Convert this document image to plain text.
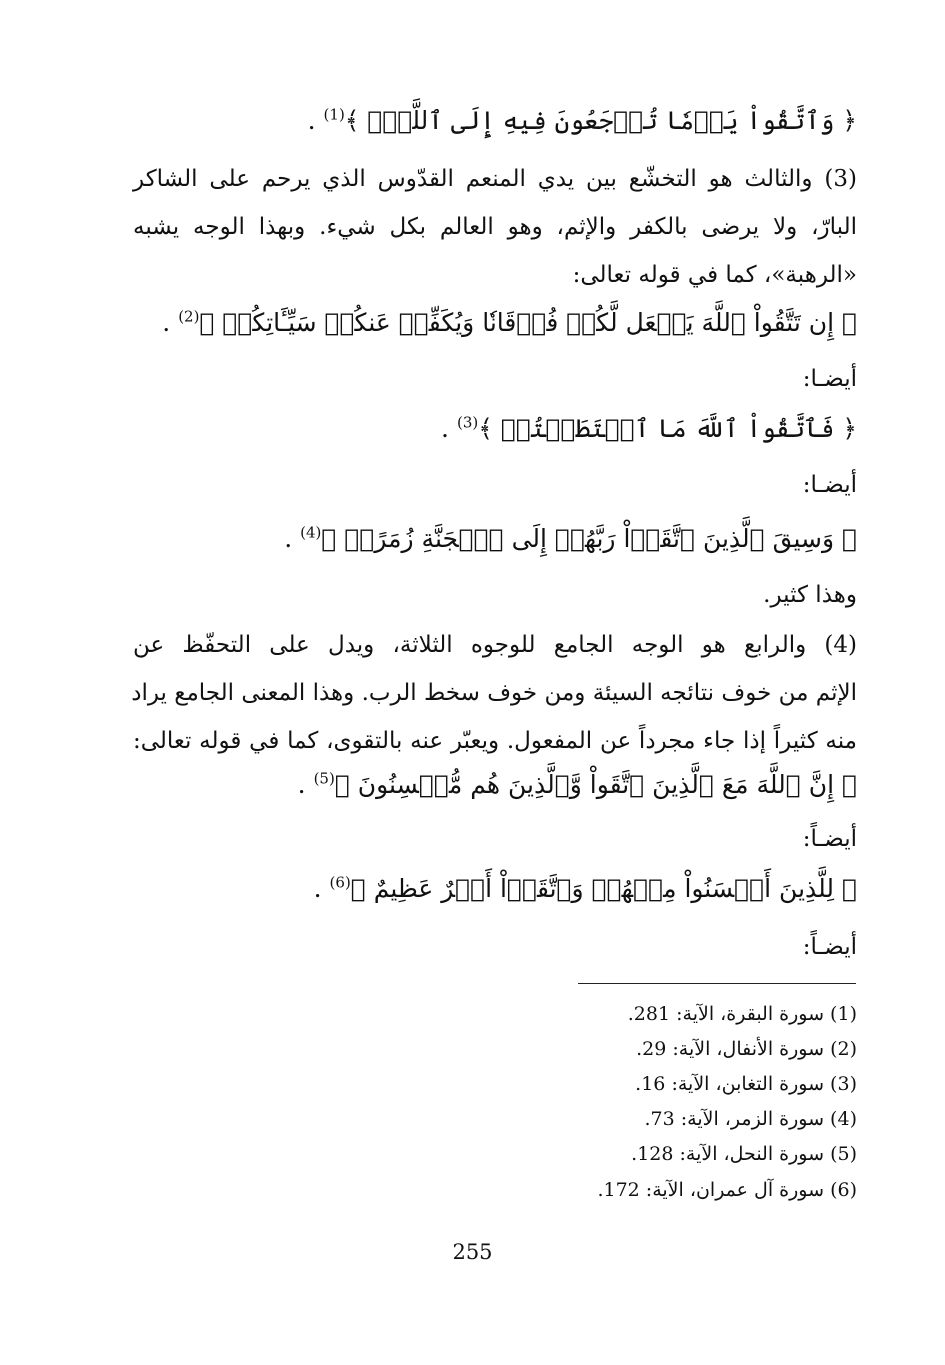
﴿ وَٱتَّقُواْ يَوۡمٗا تُرۡجَعُونَ فِيهِ إِلَى ٱللَّهِۖ ﴾$^{(1)}$ .
(3) والثالث هو التخشّع بين يدي المنعم القدّوس الذي يرحم على الشاكر
البارّ، ولا يرضى بالكفر والإثم، وهو العالم بكل شيء. وبهذا الوجه يشبه
«الرهبة»، كما في قوله تعالى:
﴿ إِن تَتَّقُواْ ٱللَّهَ يَجۡعَل لَّكُمۡ فُرۡقَانٗا وَيُكَفِّرۡ عَنكُمۡ سَيِّـَٔاتِكُمۡ ﴾$^{(2)}$ .
أيضـا:
﴿ فَٱتَّقُواْ ٱللَّهَ مَا ٱسۡتَطَعۡتُمۡ ﴾$^{(3)}$ .
أيضـا:
﴿ وَسِيقَ ٱلَّذِينَ ٱتَّقَوۡاْ رَبَّهُمۡ إِلَى ٱلۡجَنَّةِ زُمَرًاۖ ﴾$^{(4)}$ .
وهذا كثير.
(4) والرابع هو الوجه الجامع للوجوه الثلاثة، ويدل على التحفّظ عن
الإثم من خوف نتائجه السيئة ومن خوف سخط الرب. وهذا المعنى الجامع يراد
منه كثيراً إذا جاء مجرداً عن المفعول. ويعبّر عنه بالتقوى، كما في قوله تعالى:
﴿ إِنَّ ٱللَّهَ مَعَ ٱلَّذِينَ ٱتَّقَواْ وَّٱلَّذِينَ هُم مُّحۡسِنُونَ ﴾$^{(5)}$ .
أيضـاً:
﴿ لِلَّذِينَ أَحۡسَنُواْ مِنۡهُمۡ وَٱتَّقَوۡاْ أَجۡرٌ عَظِيمٌ ﴾$^{(6)}$ .
أيضـاً:
(1) سورة البقرة، الآية: 281.
(2) سورة الأنفال، الآية: 29.
(3) سورة التغابن، الآية: 16.
(4) سورة الزمر، الآية: 73.
(5) سورة النحل، الآية: 128.
(6) سورة آل عمران، الآية: 172.
255
